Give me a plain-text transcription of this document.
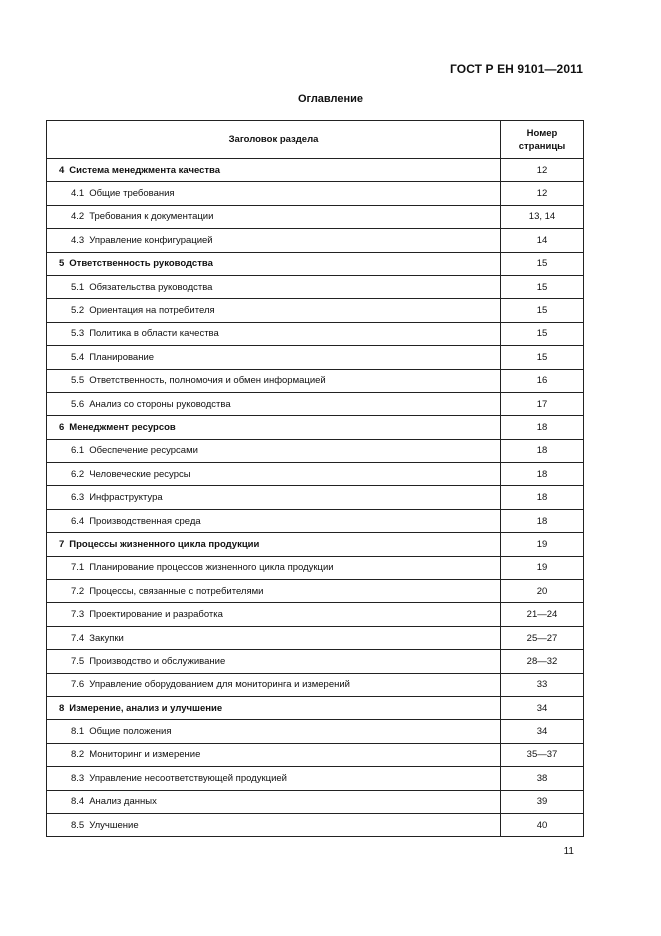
ГОСТ Р ЕН 9101—2011
Оглавление
Заголовок раздела	Номер страницы
4 Система менеджмента качества	12
4.1 Общие требования	12
4.2 Требования к документации	13, 14
4.3 Управление конфигурацией	14
5 Ответственность руководства	15
5.1 Обязательства руководства	15
5.2 Ориентация на потребителя	15
5.3 Политика в области качества	15
5.4 Планирование	15
5.5 Ответственность, полномочия и обмен информацией	16
5.6 Анализ со стороны руководства	17
6 Менеджмент ресурсов	18
6.1 Обеспечение ресурсами	18
6.2 Человеческие ресурсы	18
6.3 Инфраструктура	18
6.4 Производственная среда	18
7 Процессы жизненного цикла продукции	19
7.1 Планирование процессов жизненного цикла продукции	19
7.2 Процессы, связанные с потребителями	20
7.3 Проектирование и разработка	21—24
7.4 Закупки	25—27
7.5 Производство и обслуживание	28—32
7.6 Управление оборудованием для мониторинга и измерений	33
8 Измерение, анализ и улучшение	34
8.1 Общие положения	34
8.2 Мониторинг и измерение	35—37
8.3 Управление несоответствующей продукцией	38
8.4 Анализ данных	39
8.5 Улучшение	40
11
